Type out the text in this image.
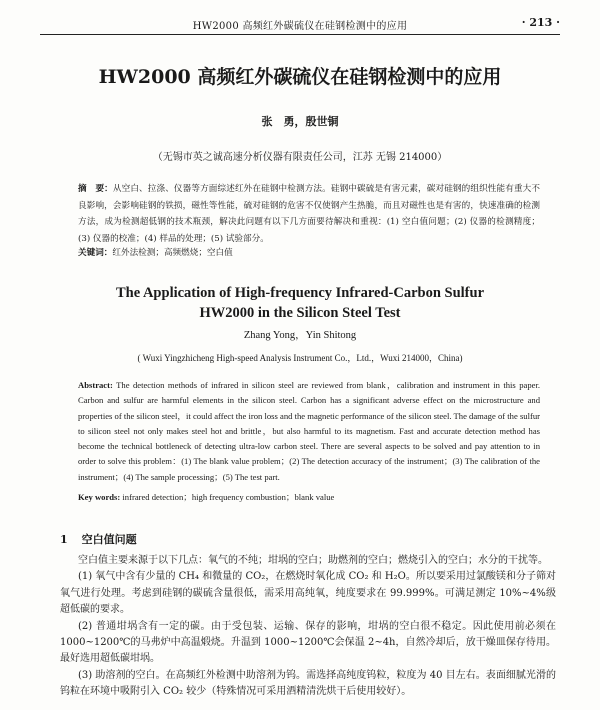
HW2000 高频红外碳硫仪在硅钢检测中的应用	· 213 ·
HW2000 高频红外碳硫仪在硅钢检测中的应用
张　勇，殷世铜
（无锡市英之诚高速分析仪器有限责任公司，江苏 无锡 214000）
摘　要：从空白、拉涤、仪器等方面综述红外在硅钢中检测方法。硅钢中碳硫是有害元素，碳对硅钢的组织性能有重大不良影响，会影响硅钢的铁损，磁性等性能，硫对硅钢的危害不仅使钢产生热脆，而且对磁性也是有害的，快速准确的检测方法，成为检测超低钢的技术瓶颈，解决此问题有以下几方面要待解决和重视：(1) 空白值问题；(2) 仪器的检测精度；(3) 仪器的校准；(4) 样品的处理；(5) 试验部分。
关键词：红外法检测；高频燃烧；空白值
The Application of High-frequency Infrared-Carbon Sulfur
HW2000 in the Silicon Steel Test
Zhang Yong，Yin Shitong
( Wuxi Yingzhicheng High-speed Analysis Instrument Co.，Ltd.，Wuxi 214000，China)
Abstract: The detection methods of infrared in silicon steel are reviewed from blank，calibration and instrument in this paper. Carbon and sulfur are harmful elements in the silicon steel. Carbon has a significant adverse effect on the microstructure and properties of the silicon steel，it could affect the iron loss and the magnetic performance of the silicon steel. The damage of the sulfur to silicon steel not only makes steel hot and brittle，but also harmful to its magnetism. Fast and accurate detection method has become the technical bottleneck of detecting ultra-low carbon steel. There are several aspects to be solved and pay attention to in order to solve this problem：(1) The blank value problem；(2) The detection accuracy of the instrument；(3) The calibration of the instrument；(4) The sample processing；(5) The test part.
Key words: infrared detection；high frequency combustion；blank value
1 空白值问题

空白值主要来源于以下几点：氧气的不纯；坩埚的空白；助燃剂的空白；燃烧引入的空白；水分的干扰等。

(1) 氧气中含有少量的 CH₄ 和微量的 CO₂，在燃烧时氧化成 CO₂ 和 H₂O。所以要采用过氯酸镁和分子筛对氧气进行处理。考虑到硅钢的碳硫含量很低，需采用高纯氧，纯度要求在 99.999%。可满足测定 10%~4%级超低碳的要求。

(2) 普通坩埚含有一定的碳。由于受包装、运输、保存的影响，坩埚的空白很不稳定。因此使用前必须在 1000~1200℃的马弗炉中高温煅烧。升温到 1000~1200℃会保温 2~4h，自然冷却后，放干燥皿保存待用。最好选用超低碳坩埚。

(3) 助溶剂的空白。在高频红外检测中助溶剂为钨。需选择高纯度钨粒，粒度为 40 目左右。表面细腻光滑的钨粒在环境中吸附引入 CO₂ 较少（特殊情况可采用酒精清洗烘干后使用较好）。
